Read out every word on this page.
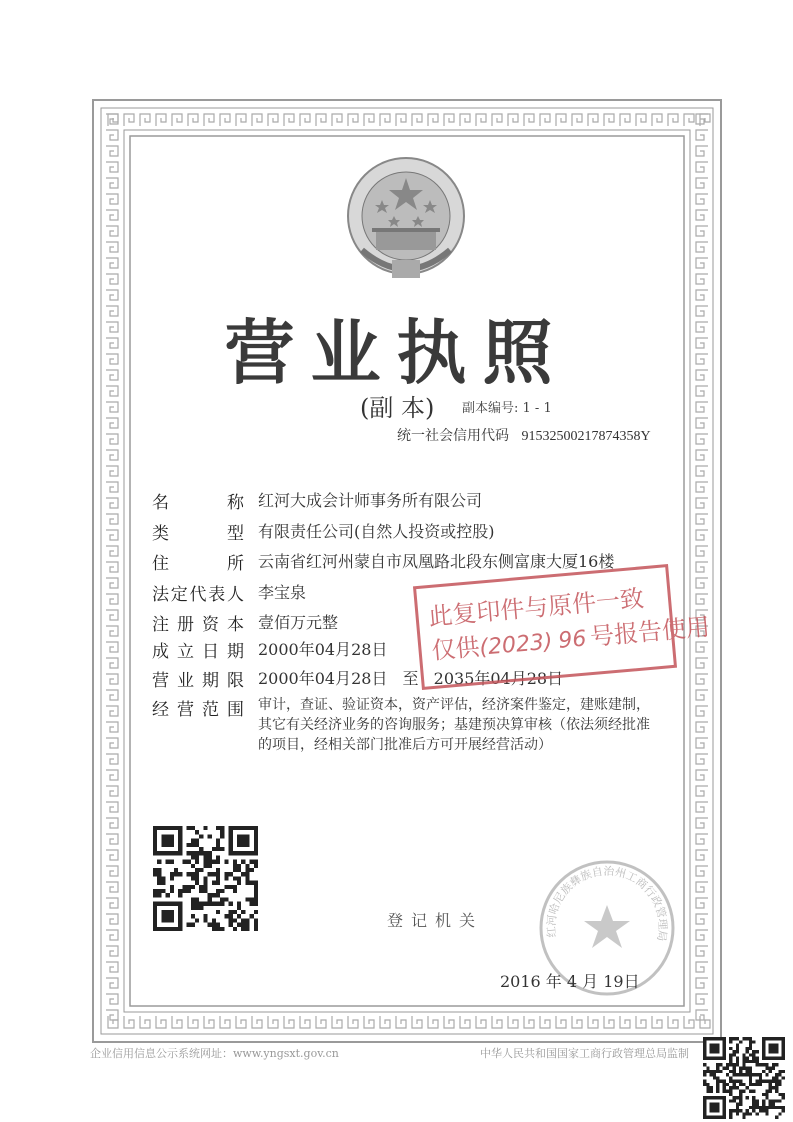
营业执照
(副 本) 副本编号: 1 - 1
统一社会信用代码 91532500217874358Y
名	称 红河大成会计师事务所有限公司
类	型 有限责任公司(自然人投资或控股)
住	所 云南省红河州蒙自市凤凰路北段东侧富康大厦16楼
法 定 代 表 人 李宝泉
注 册 资 本 壹佰万元整
成 立 日 期 2000年04月28日
营 业 期 限 2000年04月28日 至 2035年04月28日
经 营 范 围 审计，查证、验证资本，资产评估，经济案件鉴定，建账建制，其它有关经济业务的咨询服务；基建预决算审核（依法须经批准的项目，经相关部门批准后方可开展经营活动）
此复印件与原件一致
仅供(2023) 96号报告使用
登记机关
红河哈尼族彝族自治州工商行政管理局
2016 年 4 月 19日
企业信用信息公示系统网址：www.yngsxt.gov.cn	中华人民共和国国家工商行政管理总局监制
